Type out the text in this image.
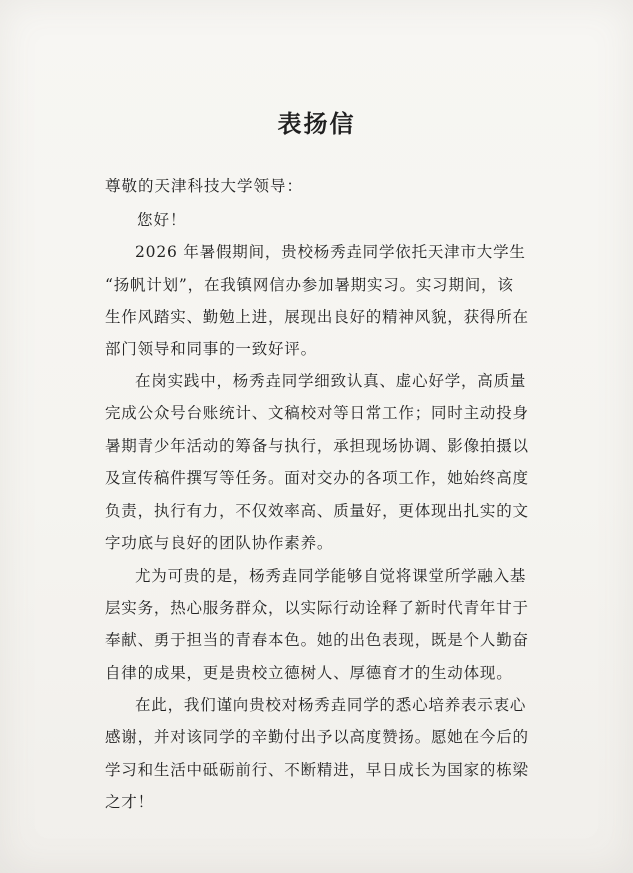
表扬信
尊敬的天津科技大学领导：
您好！
2026 年暑假期间，贵校杨秀垚同学依托天津市大学生
“扬帆计划”，在我镇网信办参加暑期实习。实习期间，该
生作风踏实、勤勉上进，展现出良好的精神风貌，获得所在
部门领导和同事的一致好评。
在岗实践中，杨秀垚同学细致认真、虚心好学，高质量
完成公众号台账统计、文稿校对等日常工作；同时主动投身
暑期青少年活动的筹备与执行，承担现场协调、影像拍摄以
及宣传稿件撰写等任务。面对交办的各项工作，她始终高度
负责，执行有力，不仅效率高、质量好，更体现出扎实的文
字功底与良好的团队协作素养。
尤为可贵的是，杨秀垚同学能够自觉将课堂所学融入基
层实务，热心服务群众，以实际行动诠释了新时代青年甘于
奉献、勇于担当的青春本色。她的出色表现，既是个人勤奋
自律的成果，更是贵校立德树人、厚德育才的生动体现。
在此，我们谨向贵校对杨秀垚同学的悉心培养表示衷心
感谢，并对该同学的辛勤付出予以高度赞扬。愿她在今后的
学习和生活中砥砺前行、不断精进，早日成长为国家的栋梁
之才！
